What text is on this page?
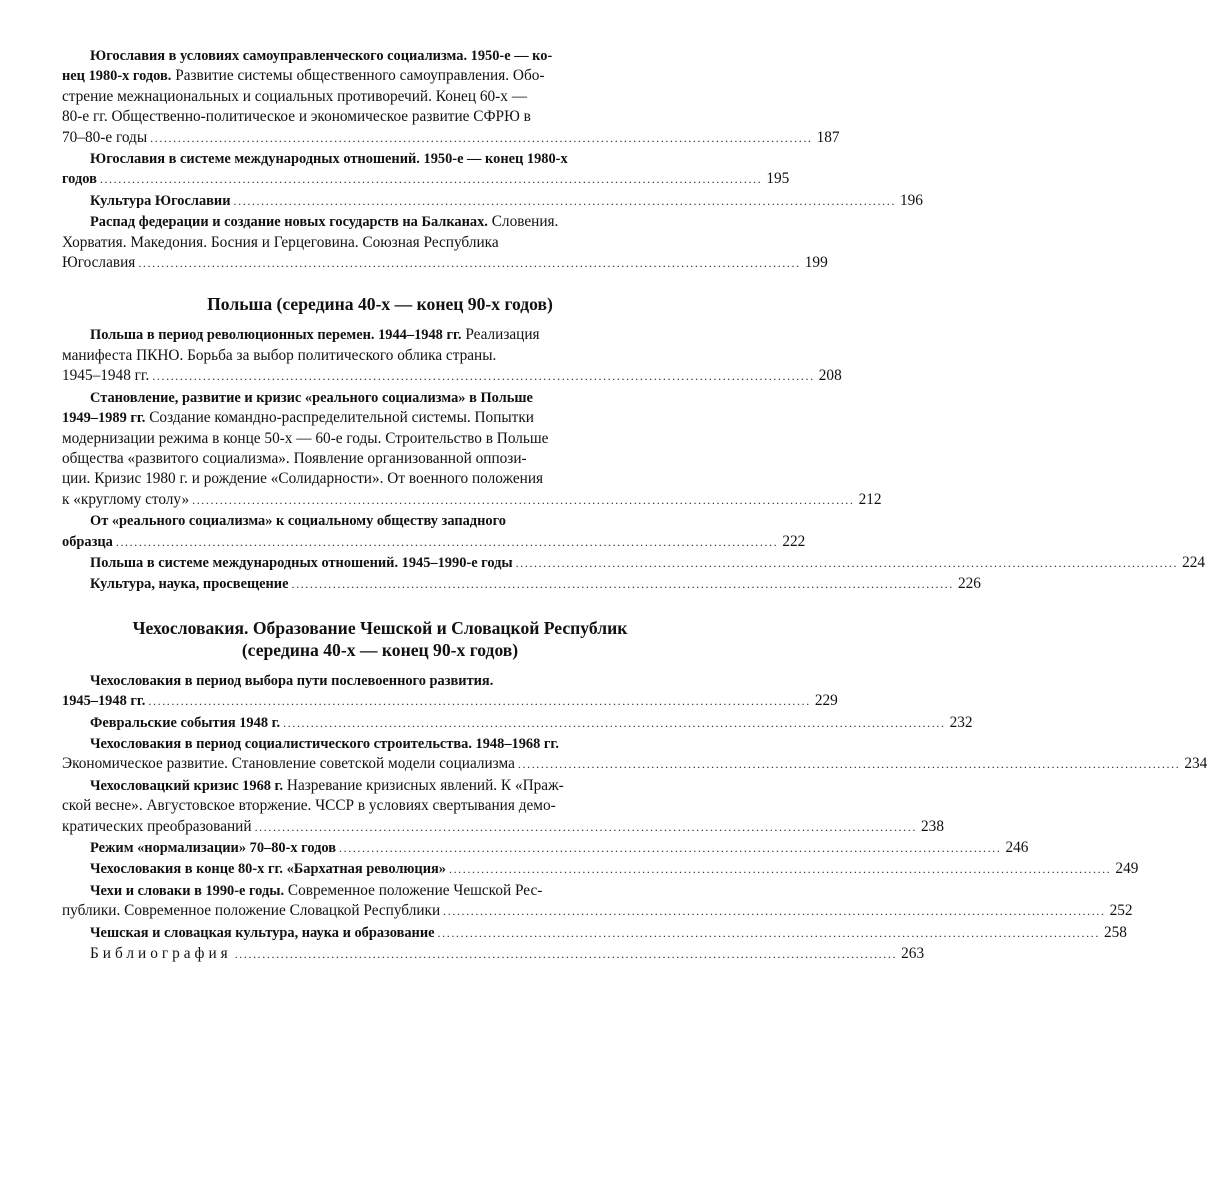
Югославия в условиях самоуправленческого социализма. 1950-е — ко-
нец 1980-х годов. Развитие системы общественного самоуправления. Обо-
стрение межнациональных и социальных противоречий. Конец 60-х —
80-е гг. Общественно-политическое и экономическое развитие СФРЮ в
70–80-е годы ................................................................................................................................................ 187
Югославия в системе международных отношений. 1950-е — конец 1980-х
годов ................................................................................................................................................ 195
Культура Югославии ................................................................................................................................................ 196
Распад федерации и создание новых государств на Балканах. Словения.
Хорватия. Македония. Босния и Герцеговина. Союзная Республика
Югославия ................................................................................................................................................ 199
Польша (середина 40-х — конец 90-х годов)
Польша в период революционных перемен. 1944–1948 гг. Реализация
манифеста ПКНО. Борьба за выбор политического облика страны.
1945–1948 гг. ................................................................................................................................................ 208
Становление, развитие и кризис «реального социализма» в Польше
1949–1989 гг. Создание командно-распределительной системы. Попытки
модернизации режима в конце 50-х — 60-е годы. Строительство в Польше
общества «развитого социализма». Появление организованной оппози-
ции. Кризис 1980 г. и рождение «Солидарности». От военного положения
к «круглому столу» ................................................................................................................................................ 212
От «реального социализма» к социальному обществу западного
образца ................................................................................................................................................ 222
Польша в системе международных отношений. 1945–1990-е годы ................................................................................................................................................ 224
Культура, наука, просвещение ................................................................................................................................................ 226
Чехословакия. Образование Чешской и Словацкой Республик
(середина 40-х — конец 90-х годов)
Чехословакия в период выбора пути послевоенного развития.
1945–1948 гг. ................................................................................................................................................ 229
Февральские события 1948 г. ................................................................................................................................................ 232
Чехословакия в период социалистического строительства. 1948–1968 гг.
Экономическое развитие. Становление советской модели социализма ................................................................................................................................................ 234
Чехословацкий кризис 1968 г. Назревание кризисных явлений. К «Праж-
ской весне». Августовское вторжение. ЧССР в условиях свертывания демо-
кратических преобразований ................................................................................................................................................ 238
Режим «нормализации» 70–80-х годов ................................................................................................................................................ 246
Чехословакия в конце 80-х гг. «Бархатная революция» ................................................................................................................................................ 249
Чехи и словаки в 1990-е годы. Современное положение Чешской Рес-
публики. Современное положение Словацкой Республики ................................................................................................................................................ 252
Чешская и словацкая культура, наука и образование ................................................................................................................................................ 258
Библиография ................................................................................................................................................ 263
